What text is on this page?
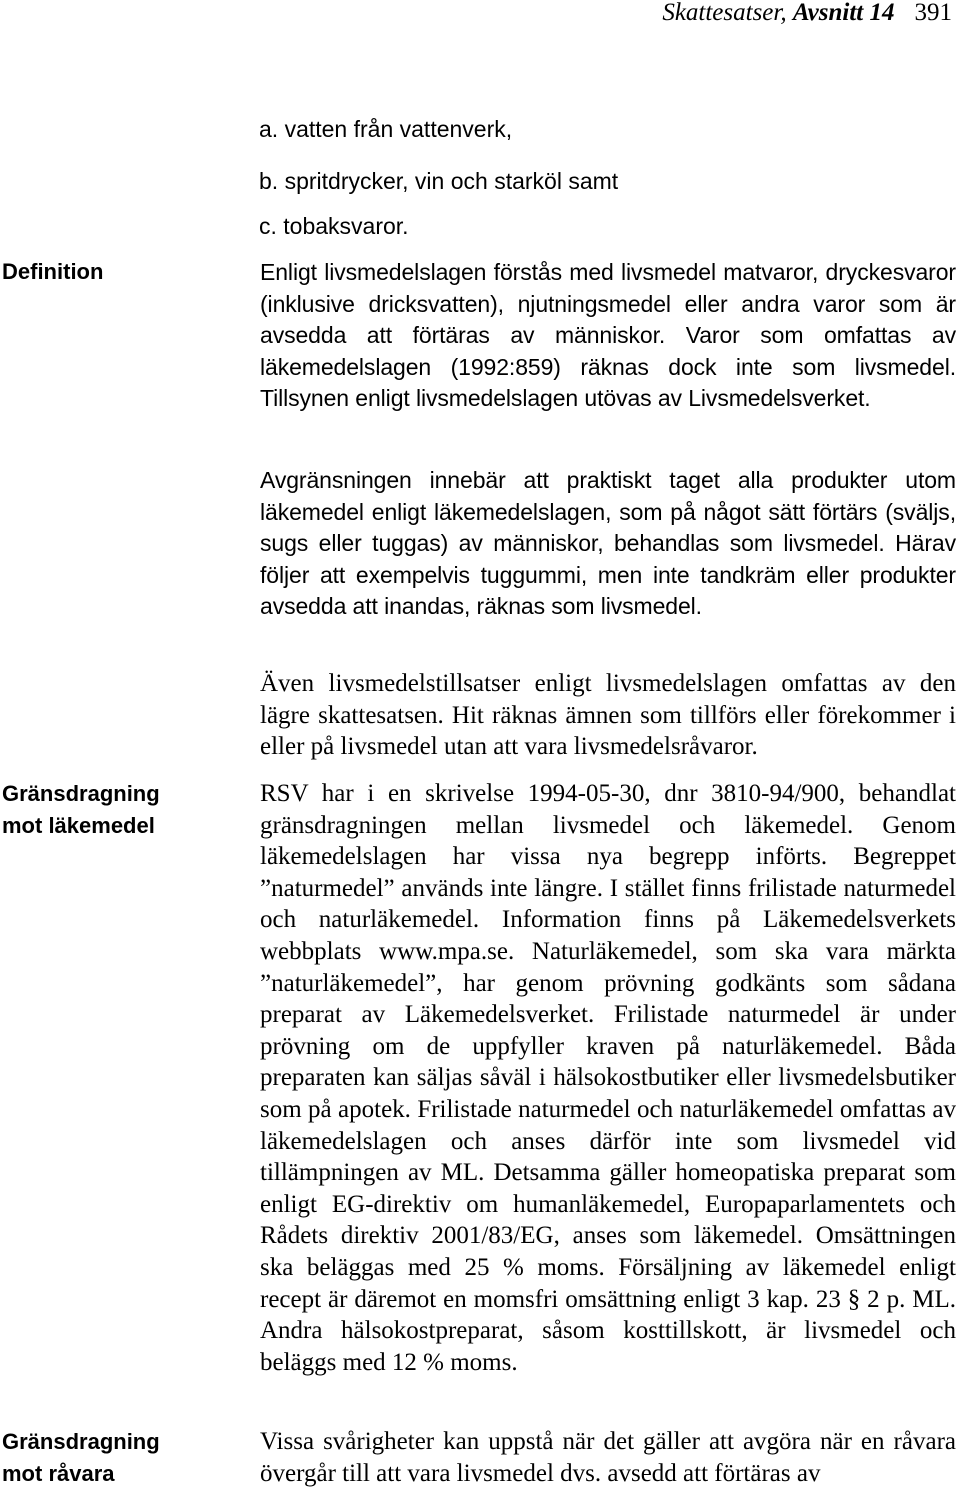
Skattesatser, Avsnitt 14 391
a. vatten från vattenverk,
b. spritdrycker, vin och starköl samt
c. tobaksvaror.
Definition
Gränsdragning
mot läkemedel
Gränsdragning
mot råvara

Enligt livsmedelslagen förstås med livsmedel matvaror, dryckesvaror (inklusive dricksvatten), njutningsmedel eller andra varor som är avsedda att förtäras av människor. Varor som omfattas av läkemedelslagen (1992:859) räknas dock inte som livsmedel. Tillsynen enligt livsmedelslagen utövas av Livsmedelsverket.

Avgränsningen innebär att praktiskt taget alla produkter utom läkemedel enligt läkemedelslagen, som på något sätt förtärs (sväljs, sugs eller tuggas) av människor, behandlas som livsmedel. Härav följer att exempelvis tuggummi, men inte tandkräm eller produkter avsedda att inandas, räknas som livsmedel.

Även livsmedelstillsatser enligt livsmedelslagen omfattas av den lägre skattesatsen. Hit räknas ämnen som tillförs eller förekommer i eller på livsmedel utan att vara livsmedelsråvaror.

RSV har i en skrivelse 1994-05-30, dnr 3810-94/900, behandlat gränsdragningen mellan livsmedel och läkemedel. Genom läkemedelslagen har vissa nya begrepp införts. Begreppet ”naturmedel” används inte längre. I stället finns frilistade naturmedel och naturläkemedel. Information finns på Läkemedelsverkets webbplats www.mpa.se. Naturläkemedel, som ska vara märkta ”naturläkemedel”, har genom prövning godkänts som sådana preparat av Läkemedelsverket. Frilistade naturmedel är under prövning om de uppfyller kraven på naturläkemedel. Båda preparaten kan säljas såväl i hälsokostbutiker eller livsmedelsbutiker som på apotek. Frilistade naturmedel och naturläkemedel omfattas av läkemedelslagen och anses därför inte som livsmedel vid tillämpningen av ML. Detsamma gäller homeopatiska preparat som enligt EG-direktiv om humanläkemedel, Europaparlamentets och Rådets direktiv 2001/83/EG, anses som läkemedel. Omsättningen ska beläggas med 25 % moms. Försäljning av läkemedel enligt recept är däremot en momsfri omsättning enligt 3 kap. 23 § 2 p. ML. Andra hälsokostpreparat, såsom kosttillskott, är livsmedel och beläggs med 12 % moms.

Vissa svårigheter kan uppstå när det gäller att avgöra när en råvara övergår till att vara livsmedel dvs. avsedd att förtäras av
